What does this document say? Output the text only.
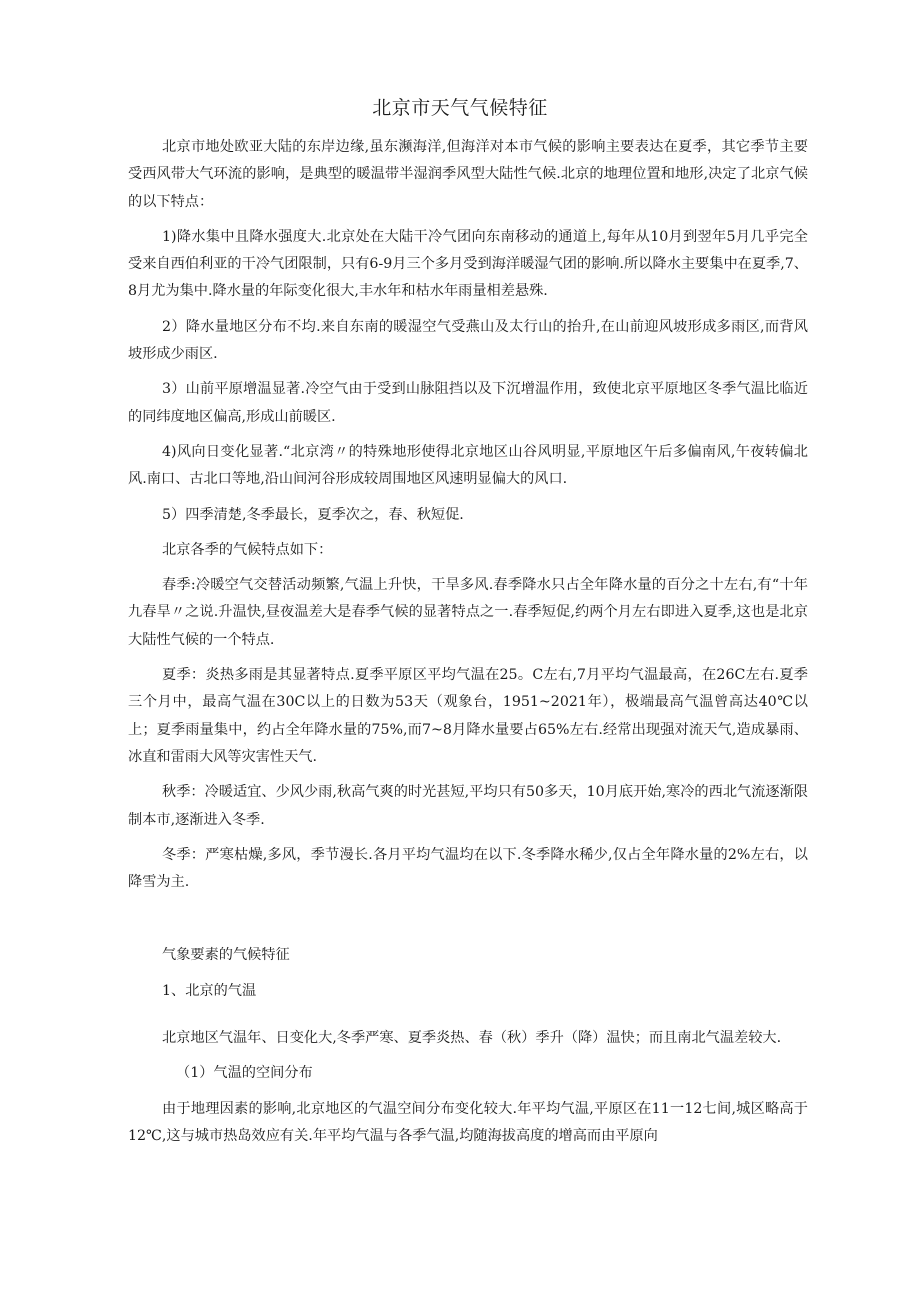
北京市天气气候特征

北京市地处欧亚大陆的东岸边缘,虽东濒海洋,但海洋对本市气候的影响主要表达在夏季，其它季节主要受西风带大气环流的影响，是典型的暖温带半湿润季风型大陆性气候.北京的地理位置和地形,决定了北京气候的以下特点：

1)降水集中且降水强度大.北京处在大陆干冷气团向东南移动的通道上,每年从10月到翌年5月几乎完全受来自西伯利亚的干冷气团限制，只有6-9月三个多月受到海洋暖湿气团的影响.所以降水主要集中在夏季,7、8月尤为集中.降水量的年际变化很大,丰水年和枯水年雨量相差悬殊.

2）降水量地区分布不均.来自东南的暖湿空气受燕山及太行山的抬升,在山前迎风坡形成多雨区,而背风坡形成少雨区.

3）山前平原增温显著.冷空气由于受到山脉阻挡以及下沉增温作用，致使北京平原地区冬季气温比临近的同纬度地区偏高,形成山前暖区.

4)风向日变化显著.“北京湾〃的特殊地形使得北京地区山谷风明显,平原地区午后多偏南风,午夜转偏北风.南口、古北口等地,沿山间河谷形成较周围地区风速明显偏大的风口.

5）四季清楚,冬季最长，夏季次之，春、秋短促.

北京各季的气候特点如下：

春季:冷暖空气交替活动频繁,气温上升快，干旱多风.春季降水只占全年降水量的百分之十左右,有“十年九春旱〃之说.升温快,昼夜温差大是春季气候的显著特点之一.春季短促,约两个月左右即进入夏季,这也是北京大陆性气候的一个特点.

夏季：炎热多雨是其显著特点.夏季平原区平均气温在25。C左右,7月平均气温最高，在26C左右.夏季三个月中，最高气温在30C以上的日数为53天（观象台，1951~2021年），极端最高气温曾高达40℃以上；夏季雨量集中，约占全年降水量的75%,而7~8月降水量要占65%左右.经常出现强对流天气,造成暴雨、冰直和雷雨大风等灾害性天气.

秋季：冷暖适宜、少风少雨,秋高气爽的时光甚短,平均只有50多天，10月底开始,寒冷的西北气流逐渐限制本市,逐渐进入冬季.

冬季：严寒枯燥,多风，季节漫长.各月平均气温均在以下.冬季降水稀少,仅占全年降水量的2%左右，以降雪为主.

气象要素的气候特征

1、北京的气温

北京地区气温年、日变化大,冬季严寒、夏季炎热、春（秋）季升（降）温快；而且南北气温差较大.

（1）气温的空间分布

由于地理因素的影响,北京地区的气温空间分布变化较大.年平均气温,平原区在11一12七间,城区略高于12℃,这与城市热岛效应有关.年平均气温与各季气温,均随海拔高度的增高而由平原向
